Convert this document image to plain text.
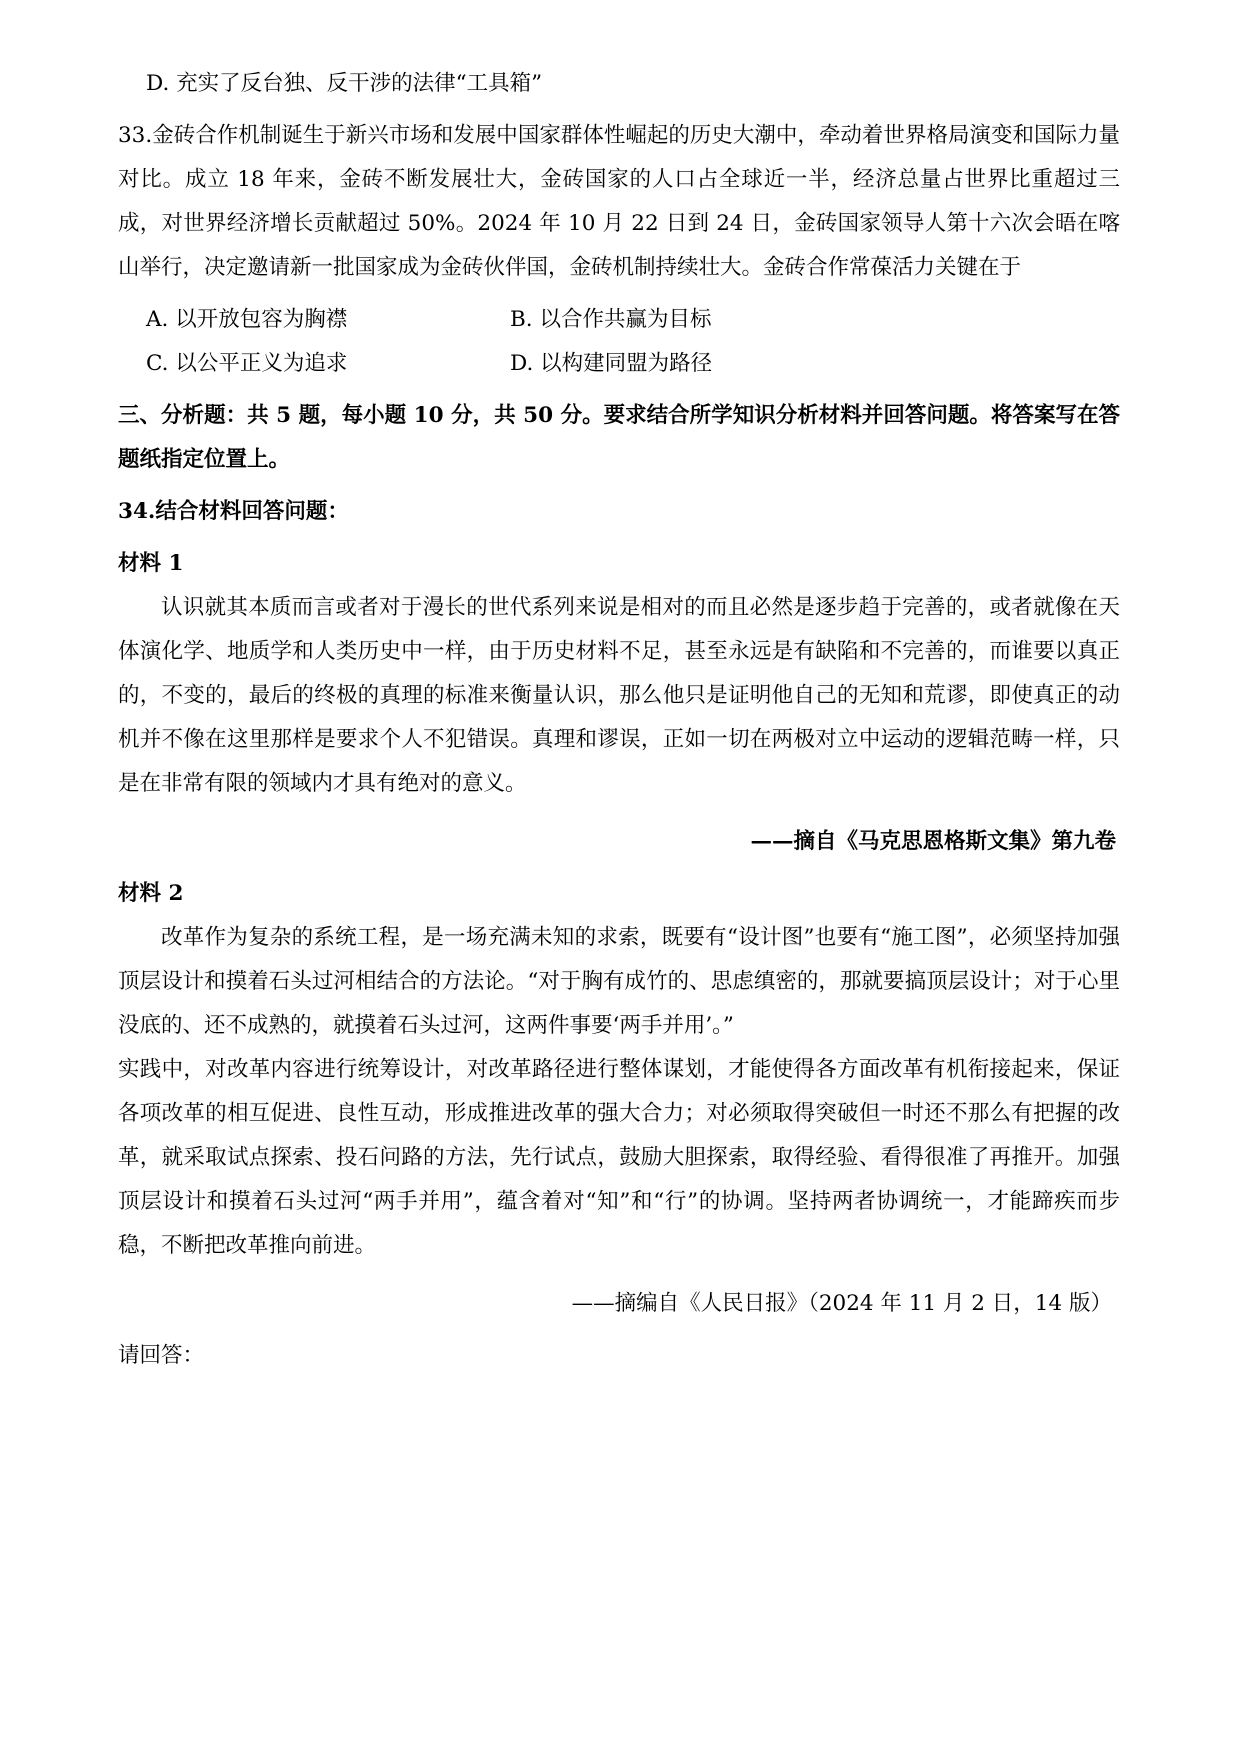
D. 充实了反台独、反干涉的法律“工具箱”
33.金砖合作机制诞生于新兴市场和发展中国家群体性崛起的历史大潮中，牵动着世界格局演变和国际力量对比。成立 18 年来，金砖不断发展壮大，金砖国家的人口占全球近一半，经济总量占世界比重超过三成，对世界经济增长贡献超过 50%。2024 年 10 月 22 日到 24 日，金砖国家领导人第十六次会晤在喀山举行，决定邀请新一批国家成为金砖伙伴国，金砖机制持续壮大。金砖合作常葆活力关键在于
A. 以开放包容为胸襟	B. 以合作共赢为目标
C. 以公平正义为追求	D. 以构建同盟为路径
三、分析题：共 5 题，每小题 10 分，共 50 分。要求结合所学知识分析材料并回答问题。将答案写在答题纸指定位置上。
34.结合材料回答问题：
材料 1
认识就其本质而言或者对于漫长的世代系列来说是相对的而且必然是逐步趋于完善的，或者就像在天体演化学、地质学和人类历史中一样，由于历史材料不足，甚至永远是有缺陷和不完善的，而谁要以真正的，不变的，最后的终极的真理的标准来衡量认识，那么他只是证明他自己的无知和荒谬，即使真正的动机并不像在这里那样是要求个人不犯错误。真理和谬误，正如一切在两极对立中运动的逻辑范畴一样，只是在非常有限的领域内才具有绝对的意义。
——摘自《马克思恩格斯文集》第九卷
材料 2
改革作为复杂的系统工程，是一场充满未知的求索，既要有“设计图”也要有“施工图”，必须坚持加强顶层设计和摸着石头过河相结合的方法论。“对于胸有成竹的、思虑缜密的，那就要搞顶层设计；对于心里没底的、还不成熟的，就摸着石头过河，这两件事要‘两手并用’。”
实践中，对改革内容进行统筹设计，对改革路径进行整体谋划，才能使得各方面改革有机衔接起来，保证各项改革的相互促进、良性互动，形成推进改革的强大合力；对必须取得突破但一时还不那么有把握的改革，就采取试点探索、投石问路的方法，先行试点，鼓励大胆探索，取得经验、看得很准了再推开。加强顶层设计和摸着石头过河“两手并用”，蕴含着对“知”和“行”的协调。坚持两者协调统一，才能蹄疾而步稳，不断把改革推向前进。
——摘编自《人民日报》（2024 年 11 月 2 日，14 版）
请回答：
